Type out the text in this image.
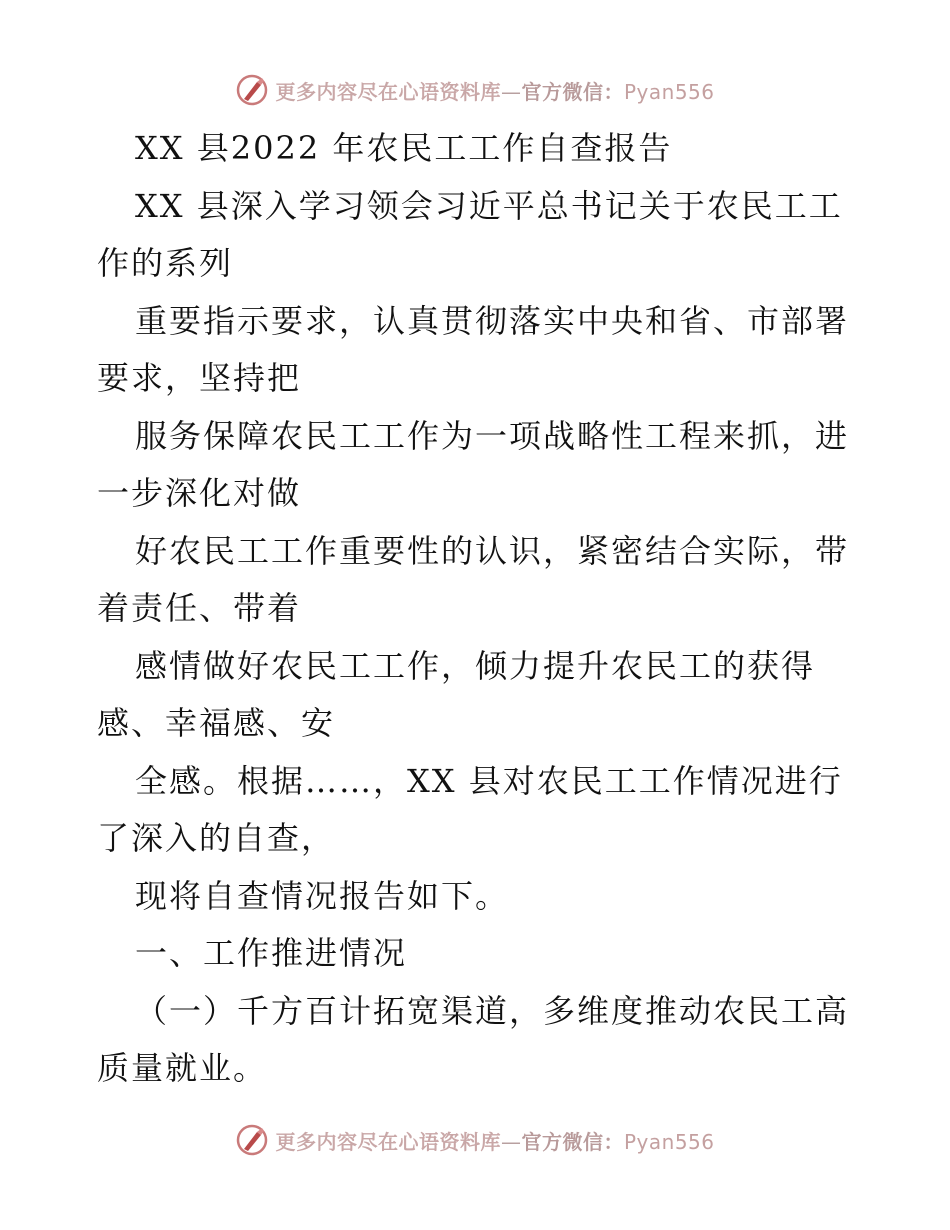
更多内容尽在心语资料库—官方微信：Pyan556
XX 县2022 年农民工工作自查报告
XX 县深入学习领会习近平总书记关于农民工工
作的系列
重要指示要求，认真贯彻落实中央和省、市部署
要求，坚持把
服务保障农民工工作为一项战略性工程来抓，进
一步深化对做
好农民工工作重要性的认识，紧密结合实际，带
着责任、带着
感情做好农民工工作，倾力提升农民工的获得
感、幸福感、安
全感。根据……，XX 县对农民工工作情况进行
了深入的自查，
现将自查情况报告如下。
一、工作推进情况
（一）千方百计拓宽渠道，多维度推动农民工高
质量就业。
更多内容尽在心语资料库—官方微信：Pyan556
